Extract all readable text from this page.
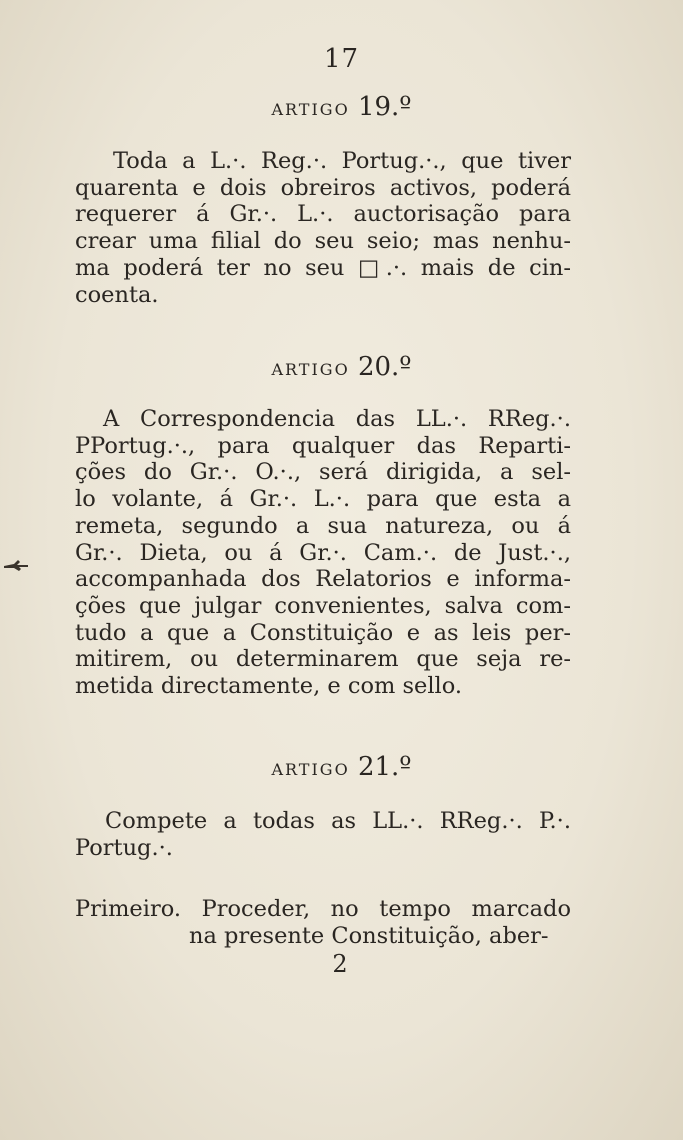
17
ARTIGO 19.º
Toda a L.·. Reg.·. Portug.·., que tiver
quarenta e dois obreiros activos, poderá
requerer á Gr.·. L.·. auctorisação para
crear uma filial do seu seio; mas nenhu-
ma poderá ter no seu □.·. mais de cin-
coenta.
ARTIGO 20.º
A Correspondencia das LL.·. RReg.·.
PPortug.·., para qualquer das Reparti-
ções do Gr.·. O.·., será dirigida, a sel-
lo volante, á Gr.·. L.·. para que esta a
remeta, segundo a sua natureza, ou á
Gr.·. Dieta, ou á Gr.·. Cam.·. de Just.·.,
accompanhada dos Relatorios e informa-
ções que julgar convenientes, salva com-
tudo a que a Constituição e as leis per-
mitirem, ou determinarem que seja re-
metida directamente, e com sello.
ARTIGO 21.º
Compete a todas as LL.·. RReg.·. P.·.
Portug.·.
Primeiro. Proceder, no tempo marcado
na presente Constituição, aber-
2
